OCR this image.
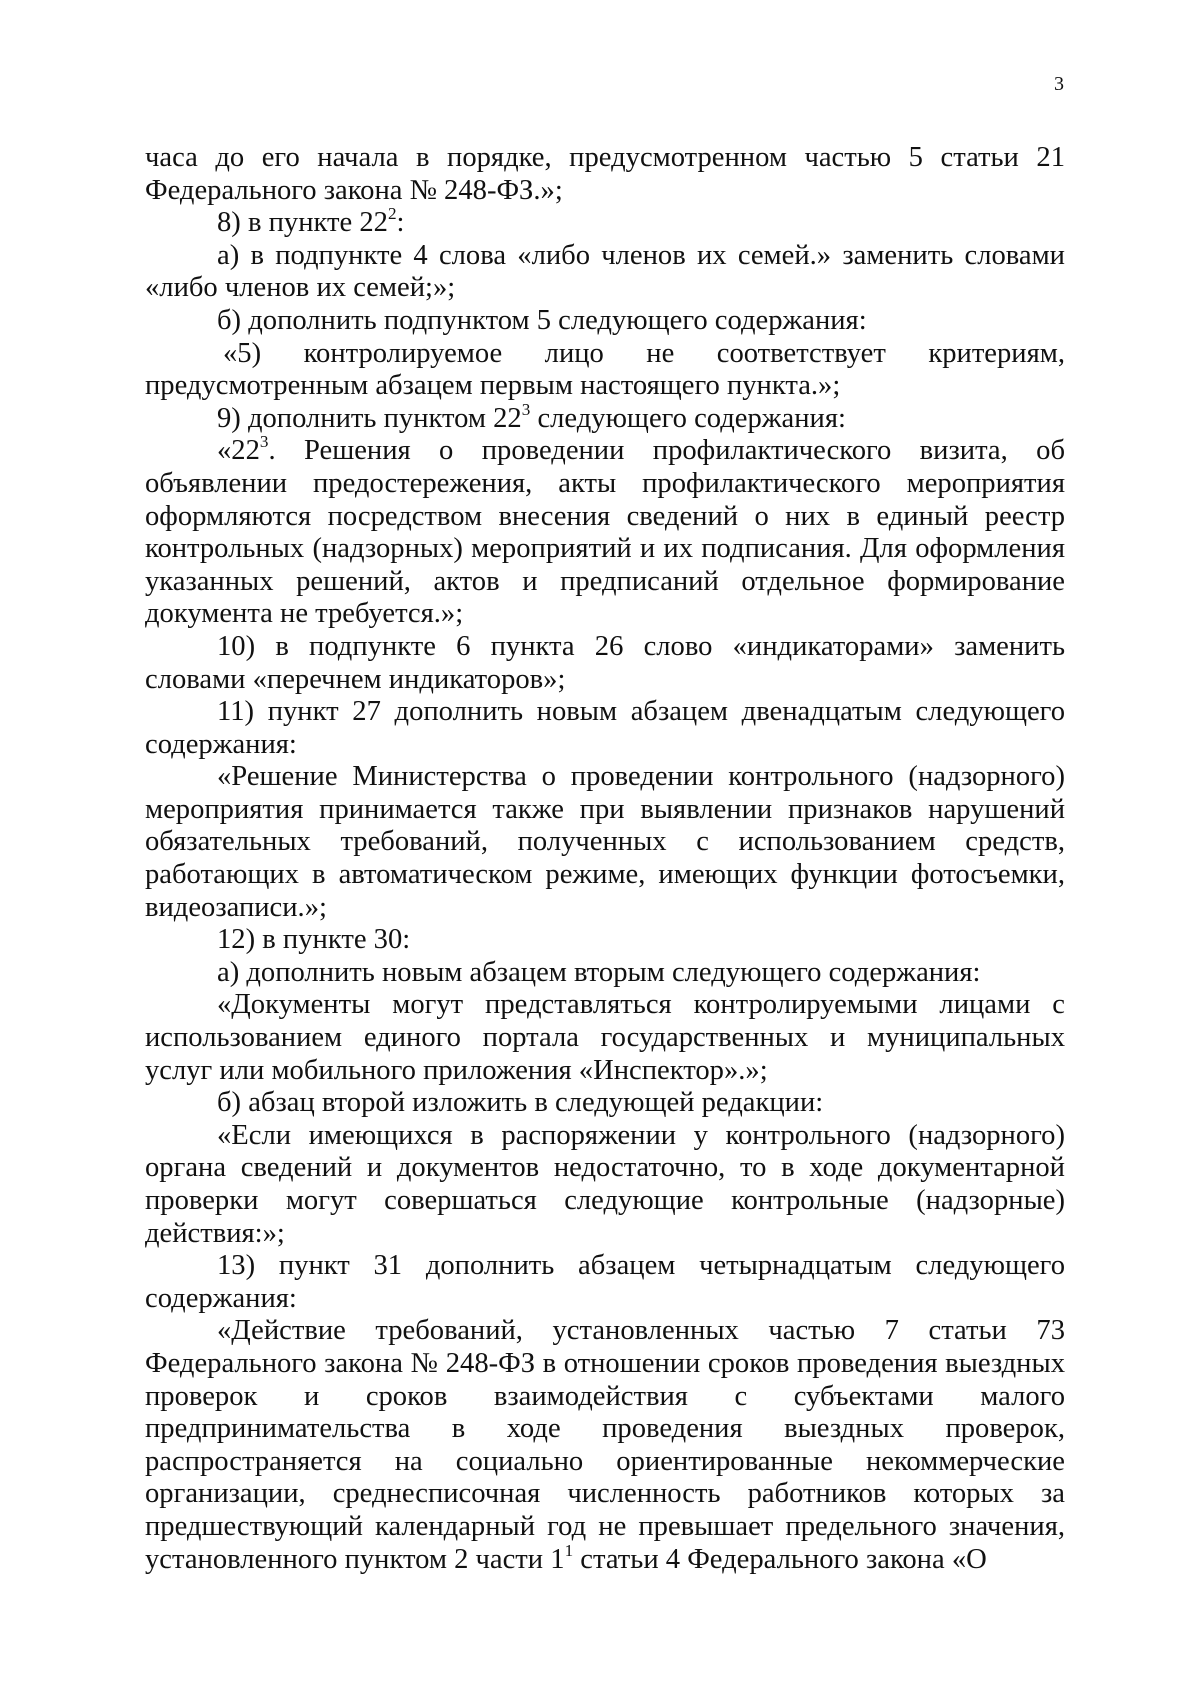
3

часа до его начала в порядке, предусмотренном частью 5 статьи 21 Федерального закона № 248-ФЗ.»;

8) в пункте $22^2$:

а) в подпункте 4 слова «либо членов их семей.» заменить словами «либо членов их семей;»;

б) дополнить подпунктом 5 следующего содержания:

«5) контролируемое лицо не соответствует критериям, предусмотренным абзацем первым настоящего пункта.»;

9) дополнить пунктом $22^3$ следующего содержания:

«$22^3$. Решения о проведении профилактического визита, об объявлении предостережения, акты профилактического мероприятия оформляются посредством внесения сведений о них в единый реестр контрольных (надзорных) мероприятий и их подписания. Для оформления указанных решений, актов и предписаний отдельное формирование документа не требуется.»;

10) в подпункте 6 пункта 26 слово «индикаторами» заменить словами «перечнем индикаторов»;

11) пункт 27 дополнить новым абзацем двенадцатым следующего содержания:

«Решение Министерства о проведении контрольного (надзорного) мероприятия принимается также при выявлении признаков нарушений обязательных требований, полученных с использованием средств, работающих в автоматическом режиме, имеющих функции фотосъемки, видеозаписи.»;

12) в пункте 30:

а) дополнить новым абзацем вторым следующего содержания:

«Документы могут представляться контролируемыми лицами с использованием единого портала государственных и муниципальных услуг или мобильного приложения «Инспектор».»;

б) абзац второй изложить в следующей редакции:

«Если имеющихся в распоряжении у контрольного (надзорного) органа сведений и документов недостаточно, то в ходе документарной проверки могут совершаться следующие контрольные (надзорные) действия:»;

13) пункт 31 дополнить абзацем четырнадцатым следующего содержания:

«Действие требований, установленных частью 7 статьи 73 Федерального закона № 248-ФЗ в отношении сроков проведения выездных проверок и сроков взаимодействия с субъектами малого предпринимательства в ходе проведения выездных проверок, распространяется на социально ориентированные некоммерческие организации, среднесписочная численность работников которых за предшествующий календарный год не превышает предельного значения, установленного пунктом 2 части $1^1$ статьи 4 Федерального закона «О
